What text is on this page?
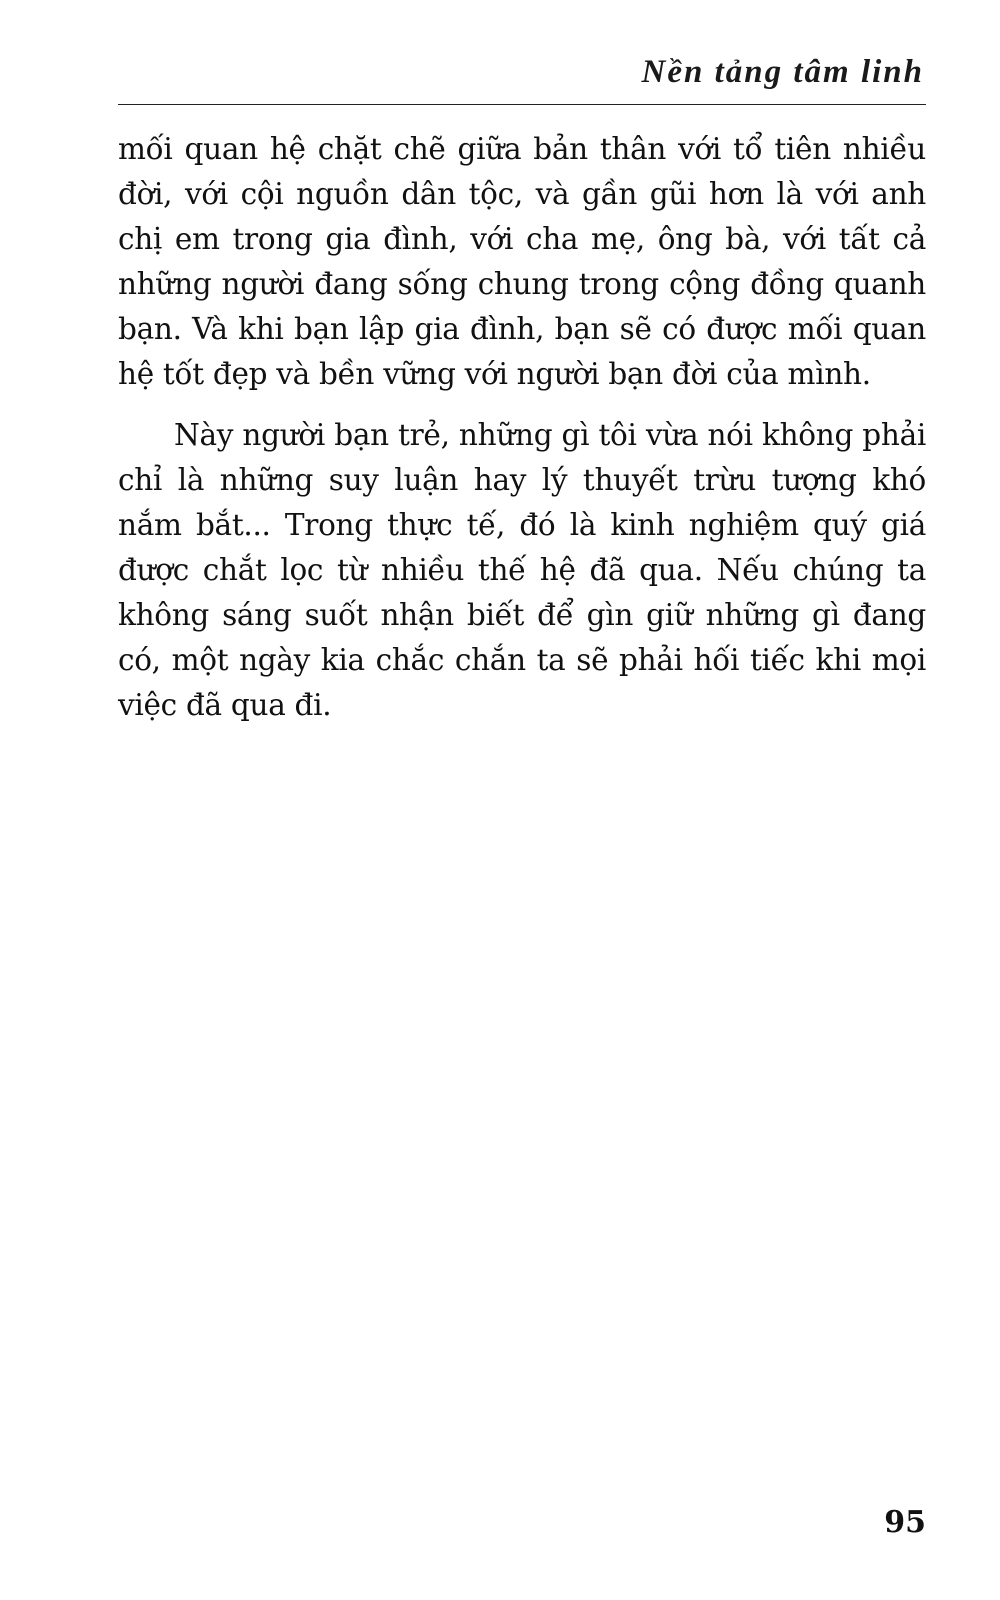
Nền tảng tâm linh

mối quan hệ chặt chẽ giữa bản thân với tổ tiên nhiều đời, với cội nguồn dân tộc, và gần gũi hơn là với anh chị em trong gia đình, với cha mẹ, ông bà, với tất cả những người đang sống chung trong cộng đồng quanh bạn. Và khi bạn lập gia đình, bạn sẽ có được mối quan hệ tốt đẹp và bền vững với người bạn đời của mình.

Này người bạn trẻ, những gì tôi vừa nói không phải chỉ là những suy luận hay lý thuyết trừu tượng khó nắm bắt... Trong thực tế, đó là kinh nghiệm quý giá được chắt lọc từ nhiều thế hệ đã qua. Nếu chúng ta không sáng suốt nhận biết để gìn giữ những gì đang có, một ngày kia chắc chắn ta sẽ phải hối tiếc khi mọi việc đã qua đi.

95
